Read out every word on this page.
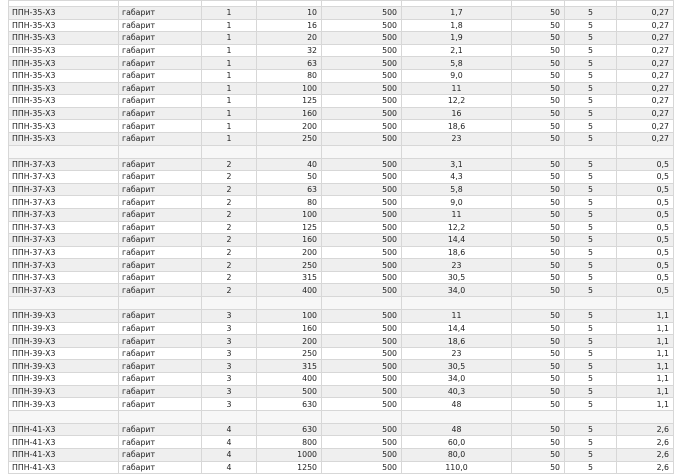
ППН-35-Х3	габарит	1	10	500	1,7	50	5	0,27
ППН-35-Х3	габарит	1	16	500	1,8	50	5	0,27
ППН-35-Х3	габарит	1	20	500	1,9	50	5	0,27
ППН-35-Х3	габарит	1	32	500	2,1	50	5	0,27
ППН-35-Х3	габарит	1	63	500	5,8	50	5	0,27
ППН-35-Х3	габарит	1	80	500	9,0	50	5	0,27
ППН-35-Х3	габарит	1	100	500	11	50	5	0,27
ППН-35-Х3	габарит	1	125	500	12,2	50	5	0,27
ППН-35-Х3	габарит	1	160	500	16	50	5	0,27
ППН-35-Х3	габарит	1	200	500	18,6	50	5	0,27
ППН-35-Х3	габарит	1	250	500	23	50	5	0,27

ППН-37-Х3	габарит	2	40	500	3,1	50	5	0,5
ППН-37-Х3	габарит	2	50	500	4,3	50	5	0,5
ППН-37-Х3	габарит	2	63	500	5,8	50	5	0,5
ППН-37-Х3	габарит	2	80	500	9,0	50	5	0,5
ППН-37-Х3	габарит	2	100	500	11	50	5	0,5
ППН-37-Х3	габарит	2	125	500	12,2	50	5	0,5
ППН-37-Х3	габарит	2	160	500	14,4	50	5	0,5
ППН-37-Х3	габарит	2	200	500	18,6	50	5	0,5
ППН-37-Х3	габарит	2	250	500	23	50	5	0,5
ППН-37-Х3	габарит	2	315	500	30,5	50	5	0,5
ППН-37-Х3	габарит	2	400	500	34,0	50	5	0,5

ППН-39-Х3	габарит	3	100	500	11	50	5	1,1
ППН-39-Х3	габарит	3	160	500	14,4	50	5	1,1
ППН-39-Х3	габарит	3	200	500	18,6	50	5	1,1
ППН-39-Х3	габарит	3	250	500	23	50	5	1,1
ППН-39-Х3	габарит	3	315	500	30,5	50	5	1,1
ППН-39-Х3	габарит	3	400	500	34,0	50	5	1,1
ППН-39-Х3	габарит	3	500	500	40,3	50	5	1,1
ППН-39-Х3	габарит	3	630	500	48	50	5	1,1

ППН-41-Х3	габарит	4	630	500	48	50	5	2,6
ППН-41-Х3	габарит	4	800	500	60,0	50	5	2,6
ППН-41-Х3	габарит	4	1000	500	80,0	50	5	2,6
ППН-41-Х3	габарит	4	1250	500	110,0	50	5	2,6
